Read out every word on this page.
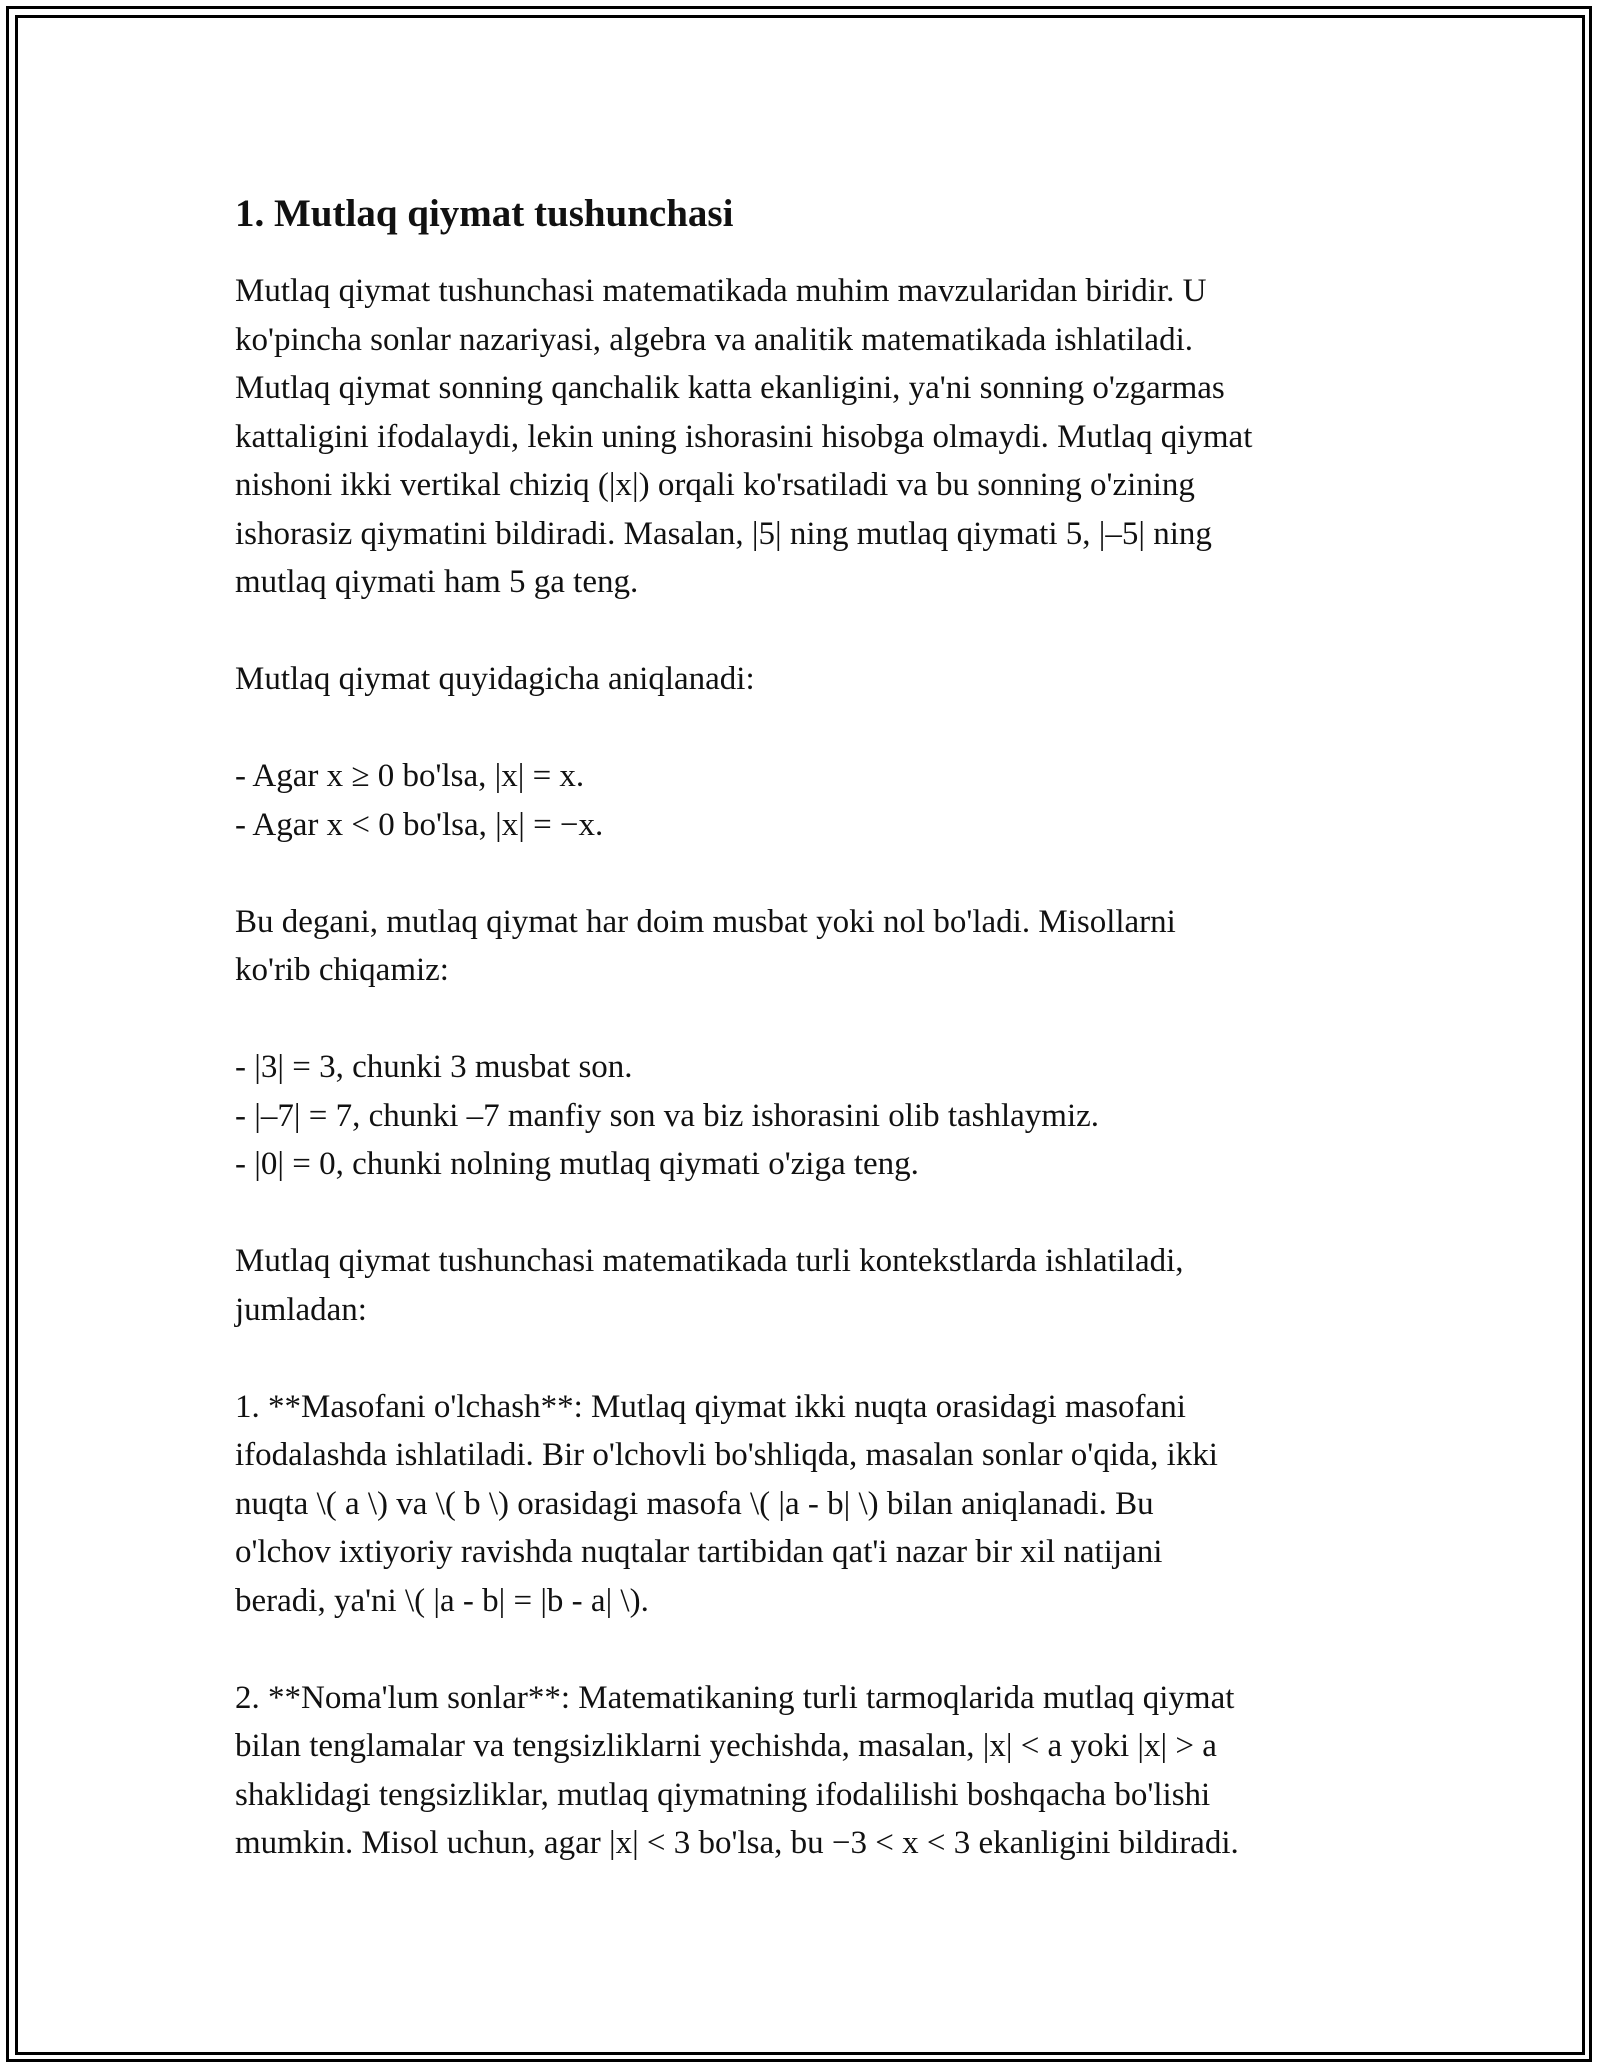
1. Mutlaq qiymat tushunchasi

Mutlaq qiymat tushunchasi matematikada muhim mavzularidan biridir. U
ko'pincha sonlar nazariyasi, algebra va analitik matematikada ishlatiladi.
Mutlaq qiymat sonning qanchalik katta ekanligini, ya'ni sonning o'zgarmas
kattaligini ifodalaydi, lekin uning ishorasini hisobga olmaydi. Mutlaq qiymat
nishoni ikki vertikal chiziq (|x|) orqali ko'rsatiladi va bu sonning o'zining
ishorasiz qiymatini bildiradi. Masalan, |5| ning mutlaq qiymati 5, |–5| ning
mutlaq qiymati ham 5 ga teng.

Mutlaq qiymat quyidagicha aniqlanadi:

- Agar x ≥ 0 bo'lsa, |x| = x.
- Agar x < 0 bo'lsa, |x| = −x.

Bu degani, mutlaq qiymat har doim musbat yoki nol bo'ladi. Misollarni
ko'rib chiqamiz:

- |3| = 3, chunki 3 musbat son.
- |–7| = 7, chunki –7 manfiy son va biz ishorasini olib tashlaymiz.
- |0| = 0, chunki nolning mutlaq qiymati o'ziga teng.

Mutlaq qiymat tushunchasi matematikada turli kontekstlarda ishlatiladi,
jumladan:

1. **Masofani o'lchash**: Mutlaq qiymat ikki nuqta orasidagi masofani
ifodalashda ishlatiladi. Bir o'lchovli bo'shliqda, masalan sonlar o'qida, ikki
nuqta \( a \) va \( b \) orasidagi masofa \( |a - b| \) bilan aniqlanadi. Bu
o'lchov ixtiyoriy ravishda nuqtalar tartibidan qat'i nazar bir xil natijani
beradi, ya'ni \( |a - b| = |b - a| \).

2. **Noma'lum sonlar**: Matematikaning turli tarmoqlarida mutlaq qiymat
bilan tenglamalar va tengsizliklarni yechishda, masalan, |x| < a yoki |x| > a
shaklidagi tengsizliklar, mutlaq qiymatning ifodalilishi boshqacha bo'lishi
mumkin. Misol uchun, agar |x| < 3 bo'lsa, bu −3 < x < 3 ekanligini bildiradi.
